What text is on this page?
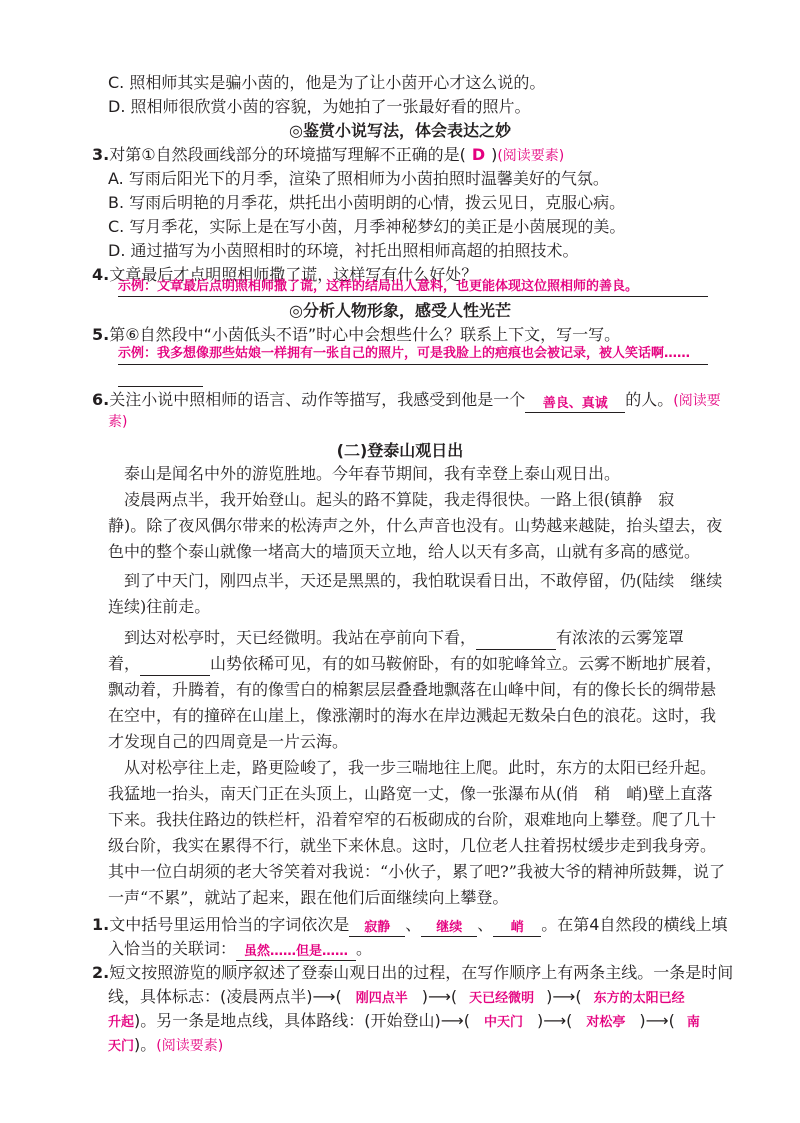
C. 照相师其实是骗小茵的，他是为了让小茵开心才这么说的。
D. 照相师很欣赏小茵的容貌，为她拍了一张最好看的照片。
◎鉴赏小说写法，体会表达之妙
3.对第①自然段画线部分的环境描写理解不正确的是( D )(阅读要素)
A. 写雨后阳光下的月季，渲染了照相师为小茵拍照时温馨美好的气氛。
B. 写雨后明艳的月季花，烘托出小茵明朗的心情，拨云见日，克服心病。
C. 写月季花，实际上是在写小茵，月季神秘梦幻的美正是小茵展现的美。
D. 通过描写为小茵照相时的环境，衬托出照相师高超的拍照技术。
4.文章最后才点明照相师撒了谎，这样写有什么好处？
示例：文章最后点明照相师撒了谎，这样的结局出人意料，也更能体现这位照相师的善良。
◎分析人物形象，感受人性光芒
5.第⑥自然段中“小茵低头不语”时心中会想些什么？联系上下文，写一写。
示例：我多想像那些姑娘一样拥有一张自己的照片，可是我脸上的疤痕也会被记录，被人笑话啊……
6.关注小说中照相师的语言、动作等描写，我感受到他是一个 善良、真诚 的人。(阅读要
素)
(二)登泰山观日出
泰山是闻名中外的游览胜地。今年春节期间，我有幸登上泰山观日出。
凌晨两点半，我开始登山。起头的路不算陡，我走得很快。一路上很(镇静　寂
静)。除了夜风偶尔带来的松涛声之外，什么声音也没有。山势越来越陡，抬头望去，夜
色中的整个泰山就像一堵高大的墙顶天立地，给人以天有多高，山就有多高的感觉。
到了中天门，刚四点半，天还是黑黑的，我怕耽误看日出，不敢停留，仍(陆续　继续
连续)往前走。
到达对松亭时，天已经微明。我站在亭前向下看，	有浓浓的云雾笼罩
着，	山势依稀可见，有的如马鞍俯卧，有的如驼峰耸立。云雾不断地扩展着，
飘动着，升腾着，有的像雪白的棉絮层层叠叠地飘落在山峰中间，有的像长长的绸带悬
在空中，有的撞碎在山崖上，像涨潮时的海水在岸边溅起无数朵白色的浪花。这时，我
才发现自己的四周竟是一片云海。
从对松亭往上走，路更险峻了，我一步三喘地往上爬。此时，东方的太阳已经升起。
我猛地一抬头，南天门正在头顶上，山路宽一丈，像一张瀑布从(俏　稍　峭)壁上直落
下来。我扶住路边的铁栏杆，沿着窄窄的石板砌成的台阶，艰难地向上攀登。爬了几十
级台阶，我实在累得不行，就坐下来休息。这时，几位老人拄着拐杖缓步走到我身旁。
其中一位白胡须的老大爷笑着对我说：“小伙子，累了吧?”我被大爷的精神所鼓舞，说了
一声“不累”，就站了起来，跟在他们后面继续向上攀登。
1.文中括号里运用恰当的字词依次是 寂静 、 继续 、 峭 。在第4自然段的横线上填
入恰当的关联词： 虽然……但是…… 。
2.短文按照游览的顺序叙述了登泰山观日出的过程，在写作顺序上有两条主线。一条是时间
线，具体标志：(凌晨两点半)⟶( 刚四点半 )⟶( 天已经微明 )⟶( 东方的太阳已经
升起)。另一条是地点线，具体路线：(开始登山)⟶( 中天门 )⟶( 对松亭 )⟶( 南
天门)。(阅读要素)
